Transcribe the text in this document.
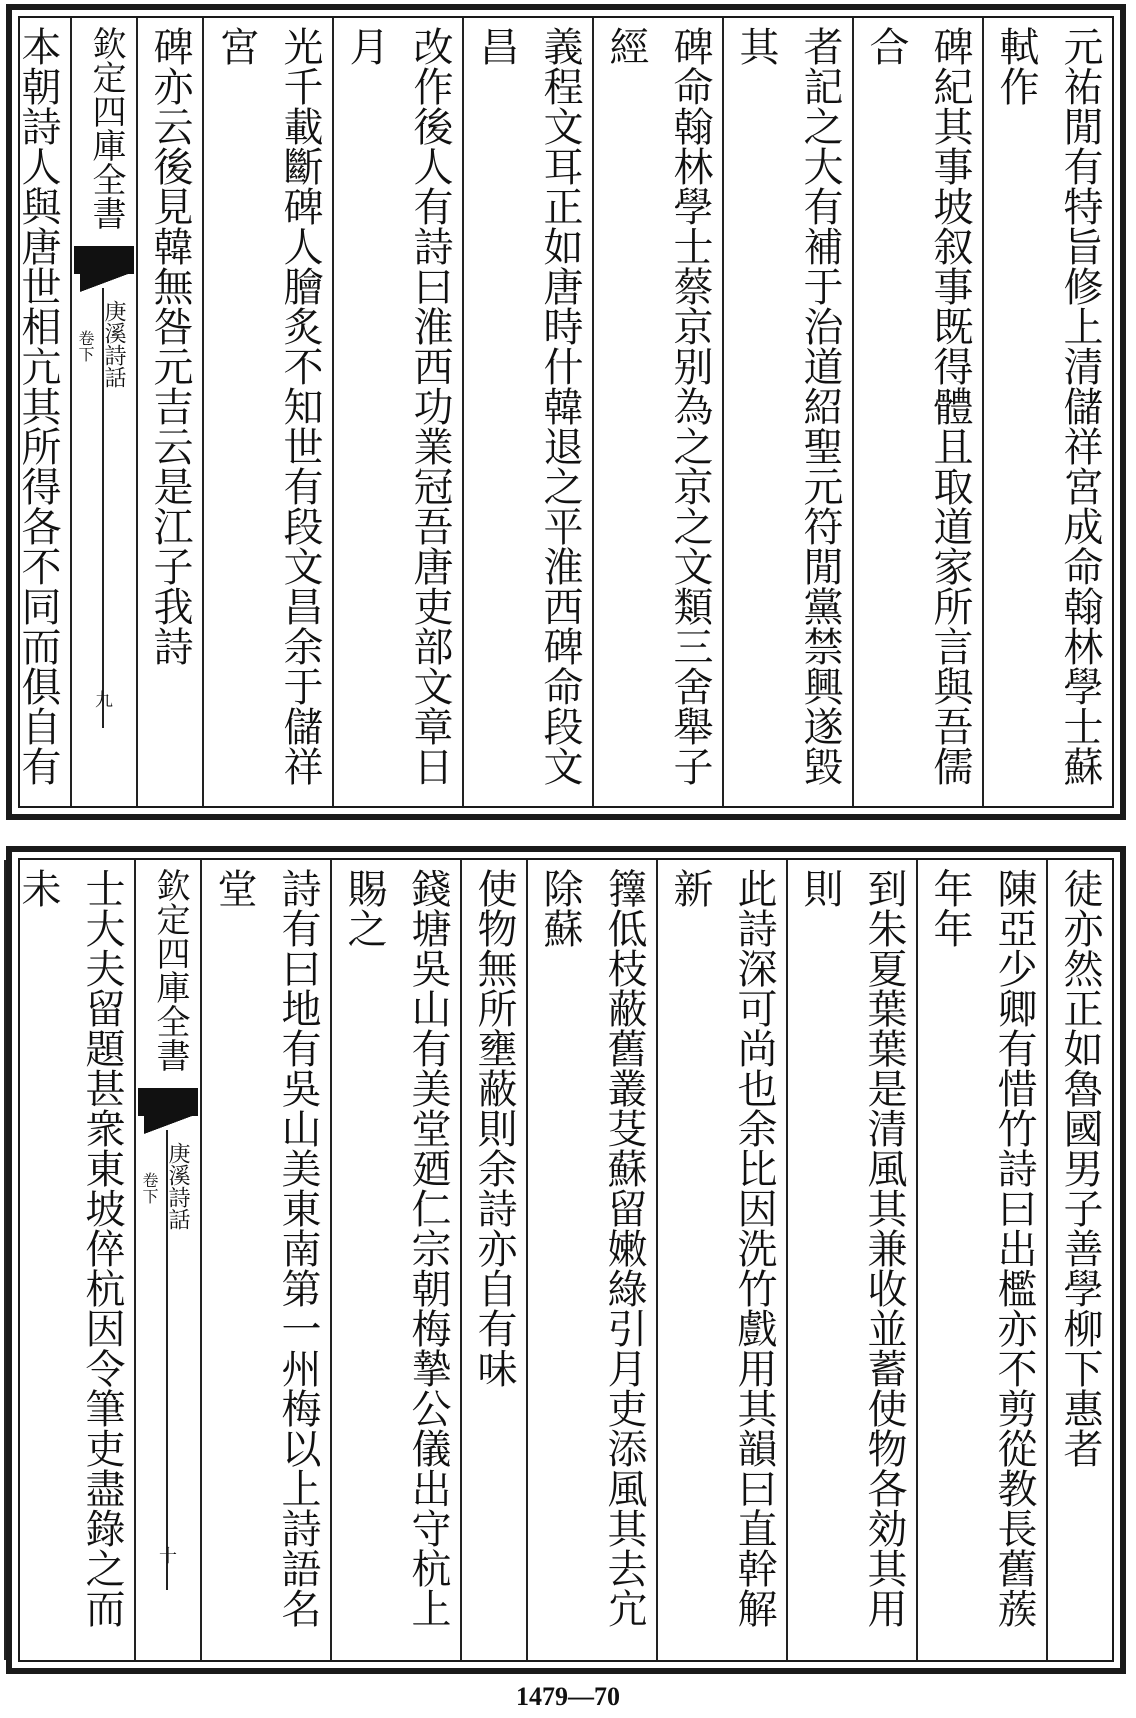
元祐閒有特旨修上清儲祥宮成命翰林學士蘇軾作
碑紀其事坡叙事既得體且取道家所言與吾儒合
者記之大有補于治道紹聖元符閒黨禁興遂毀其
碑命翰林學士蔡京别為之京之文類三舍舉子經
義程文耳正如唐時什韓退之平淮西碑命段文昌
改作後人有詩曰淮西功業冠吾唐吏部文章日月
光千載斷碑人膾炙不知世有段文昌余于儲祥宮
碑亦云後見韓無咎元吉云是江子我詩
欽定四庫全書
庚溪詩話
卷下
九
本朝詩人與唐世相亢其所得各不同而俱自有
徒亦然正如魯國男子善學柳下惠者
陳亞少卿有惜竹詩曰出檻亦不剪從教長舊蔟年年
到朱夏葉葉是清風其兼收並蓄使物各効其用則
此詩深可尚也余比因洗竹戲用其韻曰直幹解新
籜低枝蔽舊叢芟蘇留嫩綠引月吏添風其去宂除蘇
使物無所壅蔽則余詩亦自有味
錢塘吳山有美堂廼仁宗朝梅摯公儀出守杭上賜之
詩有曰地有吳山美東南第一州梅以上詩語名堂
欽定四庫全書
庚溪詩話
卷下
十
士大夫留題甚衆東坡倅杭因令筆吏盡錄之而未
1479—70
